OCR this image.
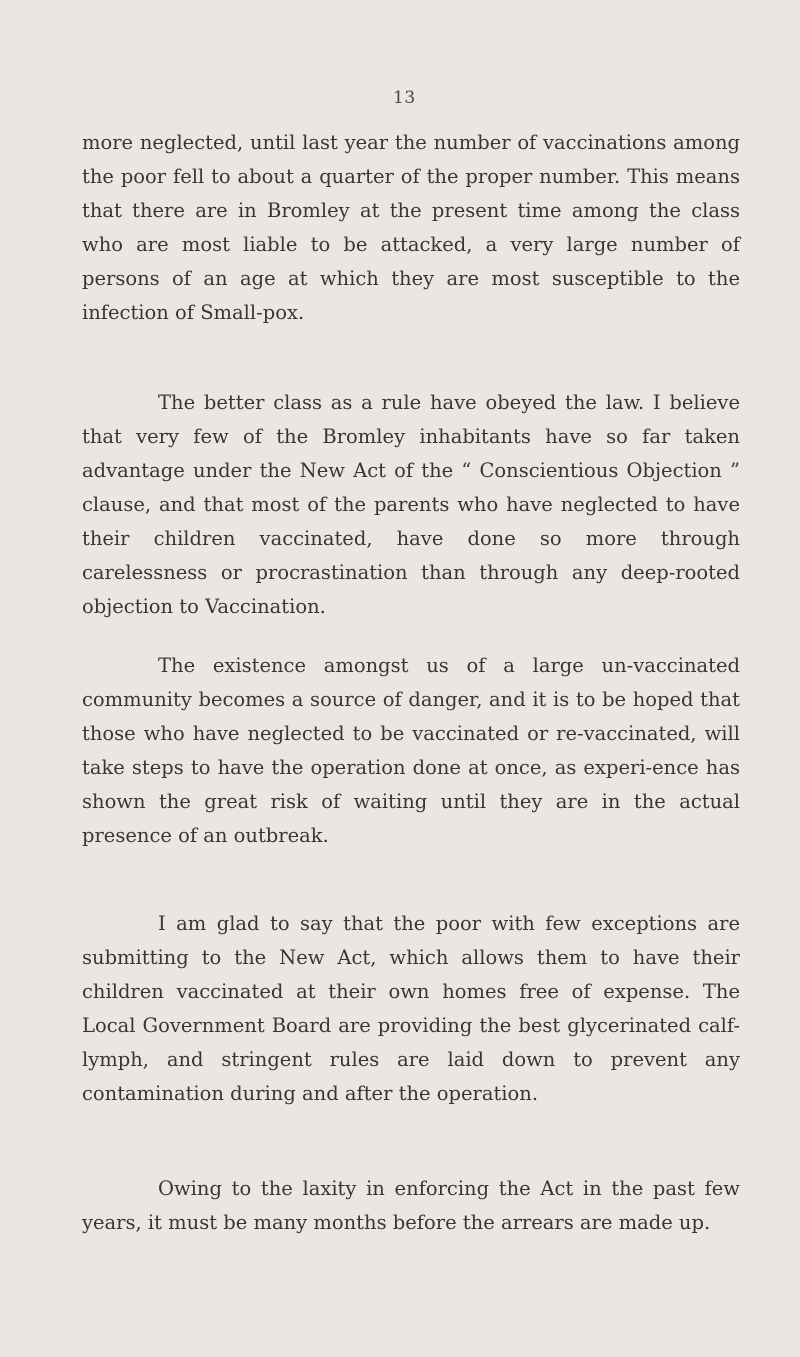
13

more neglected, until last year the number of vaccinations among the poor fell to about a quarter of the proper number. This means that there are in Bromley at the present time among the class who are most liable to be attacked, a very large number of persons of an age at which they are most susceptible to the infection of Small-pox.

The better class as a rule have obeyed the law. I believe that very few of the Bromley inhabitants have so far taken advantage under the New Act of the “ Conscientious Objection ” clause, and that most of the parents who have neglected to have their children vaccinated, have done so more through carelessness or procrastination than through any deep-rooted objection to Vaccination.

The existence amongst us of a large un-vaccinated community becomes a source of danger, and it is to be hoped that those who have neglected to be vaccinated or re-vaccinated, will take steps to have the operation done at once, as experi-ence has shown the great risk of waiting until they are in the actual presence of an outbreak.

I am glad to say that the poor with few exceptions are submitting to the New Act, which allows them to have their children vaccinated at their own homes free of expense. The Local Government Board are providing the best glycerinated calf-lymph, and stringent rules are laid down to prevent any contamination during and after the operation.

Owing to the laxity in enforcing the Act in the past few years, it must be many months before the arrears are made up.
